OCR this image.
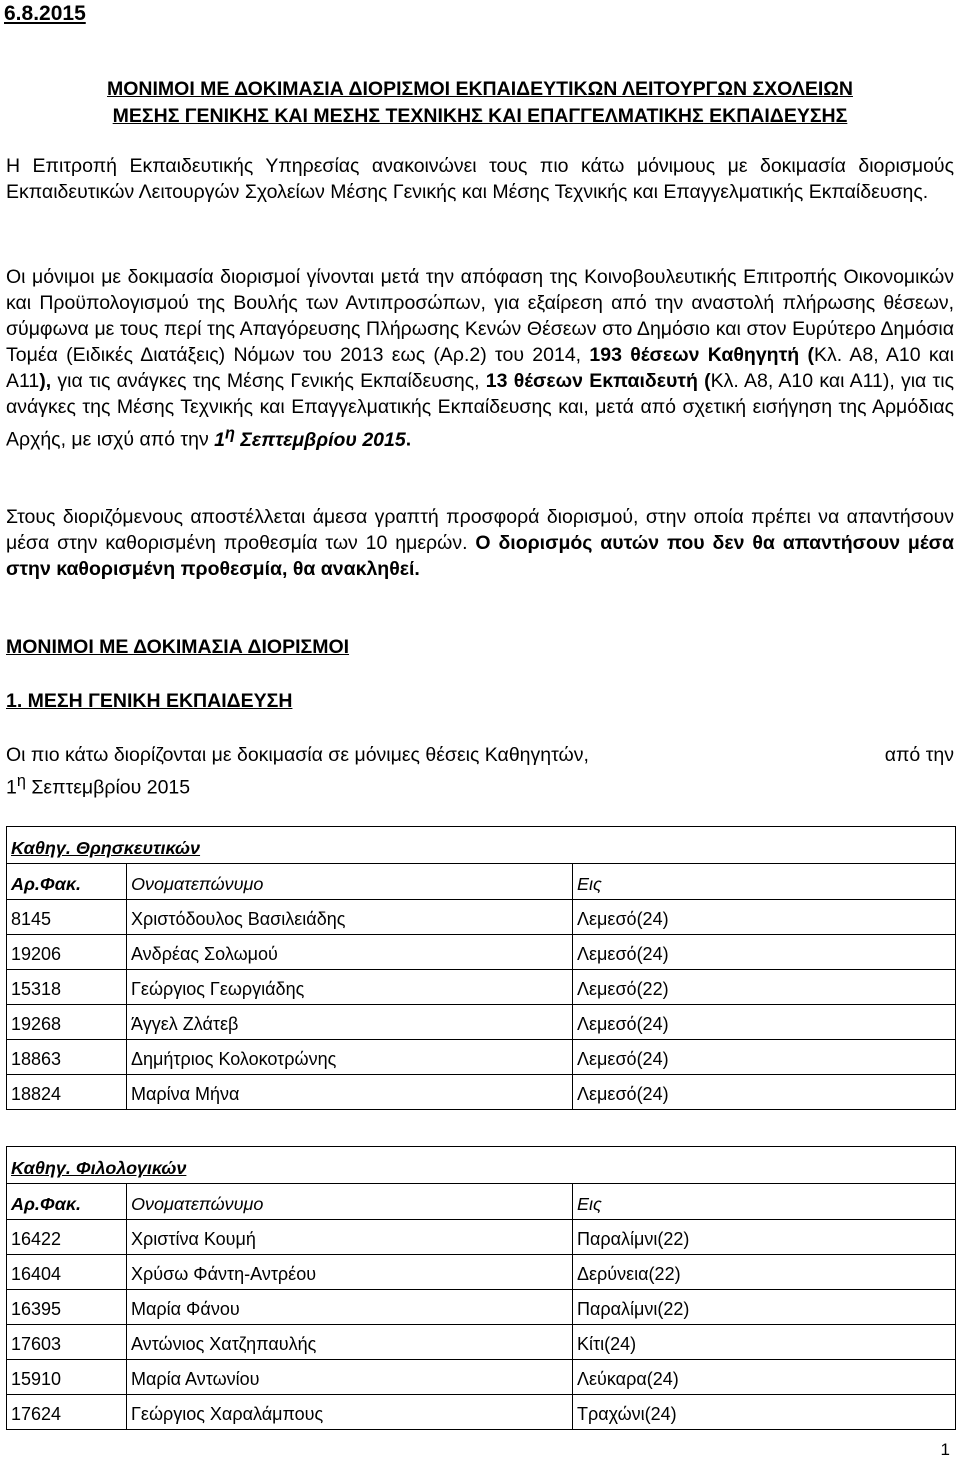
6.8.2015
ΜΟΝΙΜΟΙ ΜΕ ΔΟΚΙΜΑΣΙΑ ΔΙΟΡΙΣΜΟΙ ΕΚΠΑΙΔΕΥΤΙΚΩΝ ΛΕΙΤΟΥΡΓΩΝ ΣΧΟΛΕΙΩΝ
ΜΕΣΗΣ ΓΕΝΙΚΗΣ ΚΑΙ ΜΕΣΗΣ ΤΕΧΝΙΚΗΣ ΚΑΙ ΕΠΑΓΓΕΛΜΑΤΙΚΗΣ ΕΚΠΑΙΔΕΥΣΗΣ
Η Επιτροπή Εκπαιδευτικής Υπηρεσίας ανακοινώνει τους πιο κάτω μόνιμους με δοκιμασία διορισμούς Εκπαιδευτικών Λειτουργών Σχολείων Μέσης Γενικής και Μέσης Τεχνικής και Επαγγελματικής Εκπαίδευσης.
Οι μόνιμοι με δοκιμασία διορισμοί γίνονται μετά την απόφαση της Κοινοβουλευτικής Επιτροπής Οικονομικών και Προϋπολογισμού της Βουλής των Αντιπροσώπων, για εξαίρεση από την αναστολή πλήρωσης θέσεων, σύμφωνα με τους περί της Απαγόρευσης Πλήρωσης Κενών Θέσεων στο Δημόσιο και στον Ευρύτερο Δημόσια Τομέα (Ειδικές Διατάξεις) Νόμων του 2013 εως (Αρ.2) του 2014, 193 θέσεων Καθηγητή (Κλ. Α8, Α10 και Α11), για τις ανάγκες της Μέσης Γενικής Εκπαίδευσης, 13 θέσεων Εκπαιδευτή (Κλ. Α8, Α10 και Α11), για τις ανάγκες της Μέσης Τεχνικής και Επαγγελματικής Εκπαίδευσης και, μετά από σχετική εισήγηση της Αρμόδιας Αρχής, με ισχύ από την $1^\eta$ Σεπτεμβρίου 2015.
Στους διοριζόμενους αποστέλλεται άμεσα γραπτή προσφορά διορισμού, στην οποία πρέπει να απαντήσουν μέσα στην καθορισμένη προθεσμία των 10 ημερών. Ο διορισμός αυτών που δεν θα απαντήσουν μέσα στην καθορισμένη προθεσμία, θα ανακληθεί.
ΜΟΝΙΜΟΙ ΜΕ ΔΟΚΙΜΑΣΙΑ ΔΙΟΡΙΣΜΟΙ
1. ΜΕΣΗ ΓΕΝΙΚΗ ΕΚΠΑΙΔΕΥΣΗ
Οι πιο κάτω διορίζονται με δοκιμασία σε μόνιμες θέσεις Καθηγητών,	από την
$1^\eta$ Σεπτεμβρίου 2015
Καθηγ. Θρησκευτικών		
Αρ.Φακ.	Ονοματεπώνυμο	Εις
8145	Χριστόδουλος Βασιλειάδης	Λεμεσό(24)
19206	Ανδρέας Σολωμού	Λεμεσό(24)
15318	Γεώργιος Γεωργιάδης	Λεμεσό(22)
19268	Άγγελ Ζλάτεβ	Λεμεσό(24)
18863	Δημήτριος Κολοκοτρώνης	Λεμεσό(24)
18824	Μαρίνα Μήνα	Λεμεσό(24)
Καθηγ. Φιλολογικών		
Αρ.Φακ.	Ονοματεπώνυμο	Εις
16422	Χριστίνα Κουμή	Παραλίμνι(22)
16404	Χρύσω Φάντη-Αντρέου	Δερύνεια(22)
16395	Μαρία Φάνου	Παραλίμνι(22)
17603	Αντώνιος Χατζηπαυλής	Κίτι(24)
15910	Μαρία Αντωνίου	Λεύκαρα(24)
17624	Γεώργιος Χαραλάμπους	Τραχώνι(24)
1
